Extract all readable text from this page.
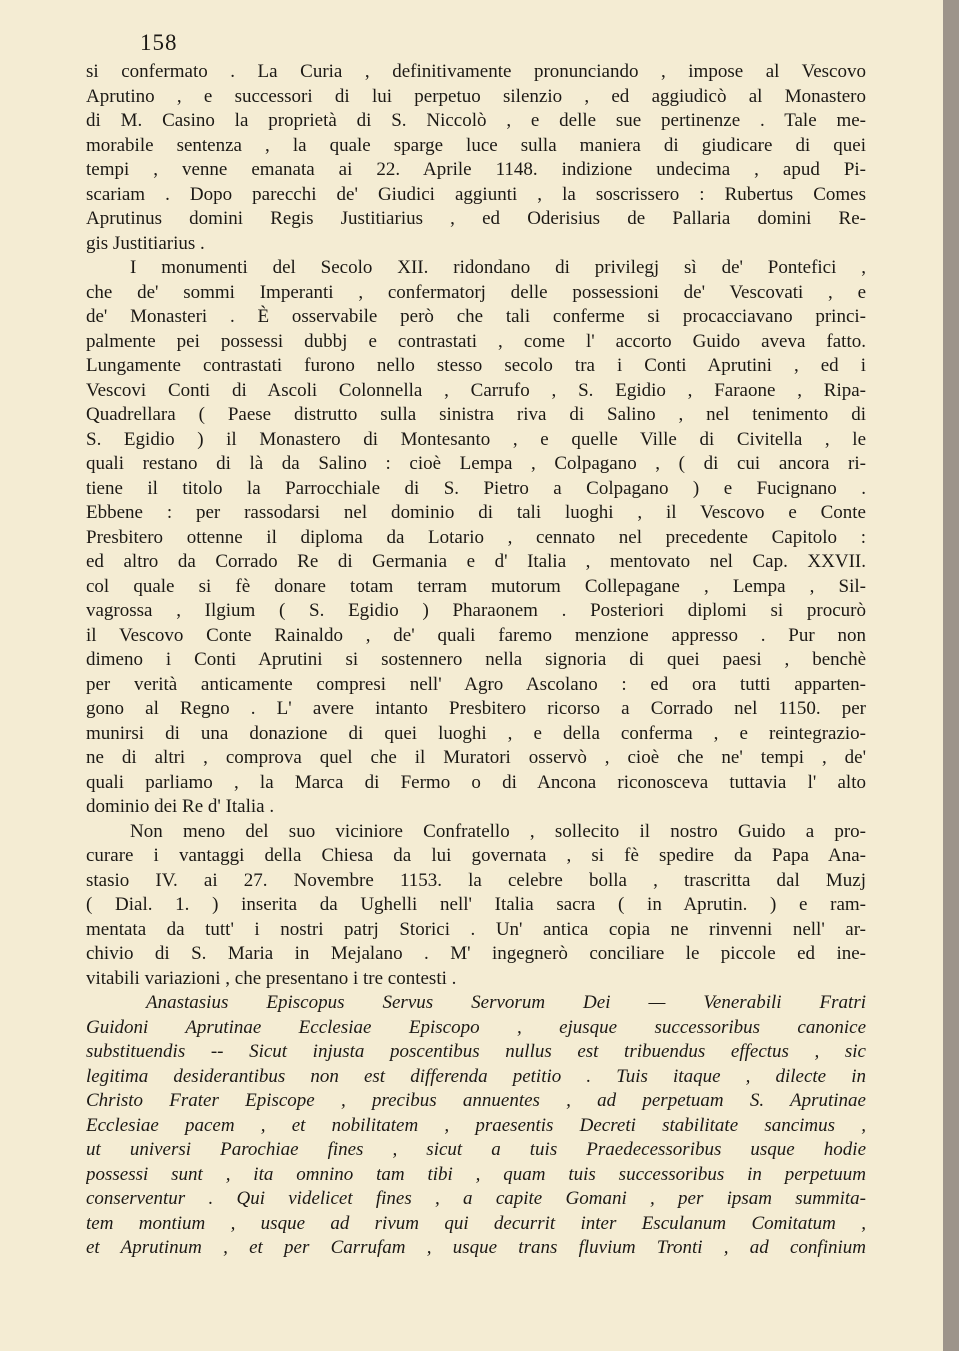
158
si confermato . La Curia , definitivamente pronunciando , impose al Vescovo
Aprutino , e successori di lui perpetuo silenzio , ed aggiudicò al Monastero
di M. Casino la proprietà di S. Niccolò , e delle sue pertinenze . Tale me-
morabile sentenza , la quale sparge luce sulla maniera di giudicare di quei
tempi , venne emanata ai 22. Aprile 1148. indizione undecima , apud Pi-
scariam . Dopo parecchi de' Giudici aggiunti , la soscrissero : Rubertus Comes
Aprutinus domini Regis Justitiarius , ed Oderisius de Pallaria domini Re-
gis Justitiarius .
I monumenti del Secolo XII. ridondano di privilegj sì de' Pontefici ,
che de' sommi Imperanti , confermatorj delle possessioni de' Vescovati , e
de' Monasteri . È osservabile però che tali conferme si procacciavano princi-
palmente pei possessi dubbj e contrastati , come l' accorto Guido aveva fatto.
Lungamente contrastati furono nello stesso secolo tra i Conti Aprutini , ed i
Vescovi Conti di Ascoli Colonnella , Carrufo , S. Egidio , Faraone , Ripa-
Quadrellara ( Paese distrutto sulla sinistra riva di Salino , nel tenimento di
S. Egidio ) il Monastero di Montesanto , e quelle Ville di Civitella , le
quali restano di là da Salino : cioè Lempa , Colpagano , ( di cui ancora ri-
tiene il titolo la Parrocchiale di S. Pietro a Colpagano ) e Fucignano .
Ebbene : per rassodarsi nel dominio di tali luoghi , il Vescovo e Conte
Presbitero ottenne il diploma da Lotario , cennato nel precedente Capitolo :
ed altro da Corrado Re di Germania e d' Italia , mentovato nel Cap. XXVII.
col quale si fè donare totam terram mutorum Collepagane , Lempa , Sil-
vagrossa , Ilgium ( S. Egidio ) Pharaonem . Posteriori diplomi si procurò
il Vescovo Conte Rainaldo , de' quali faremo menzione appresso . Pur non
dimeno i Conti Aprutini si sostennero nella signoria di quei paesi , benchè
per verità anticamente compresi nell' Agro Ascolano : ed ora tutti apparten-
gono al Regno . L' avere intanto Presbitero ricorso a Corrado nel 1150. per
munirsi di una donazione di quei luoghi , e della conferma , e reintegrazio-
ne di altri , comprova quel che il Muratori osservò , cioè che ne' tempi , de'
quali parliamo , la Marca di Fermo o di Ancona riconosceva tuttavia l' alto
dominio dei Re d' Italia .
Non meno del suo viciniore Confratello , sollecito il nostro Guido a pro-
curare i vantaggi della Chiesa da lui governata , si fè spedire da Papa Ana-
stasio IV. ai 27. Novembre 1153. la celebre bolla , trascritta dal Muzj
( Dial. 1. ) inserita da Ughelli nell' Italia sacra ( in Aprutin. ) e ram-
mentata da tutt' i nostri patrj Storici . Un' antica copia ne rinvenni nell' ar-
chivio di S. Maria in Mejalano . M' ingegnerò conciliare le piccole ed ine-
vitabili variazioni , che presentano i tre contesti .
Anastasius Episcopus Servus Servorum Dei — Venerabili Fratri
Guidoni Aprutinae Ecclesiae Episcopo , ejusque successoribus canonice
substituendis -- Sicut injusta poscentibus nullus est tribuendus effectus , sic
legitima desiderantibus non est differenda petitio . Tuis itaque , dilecte in
Christo Frater Episcope , precibus annuentes , ad perpetuam S. Aprutinae
Ecclesiae pacem , et nobilitatem , praesentis Decreti stabilitate sancimus ,
ut universi Parochiae fines , sicut a tuis Praedecessoribus usque hodie
possessi sunt , ita omnino tam tibi , quam tuis successoribus in perpetuum
conserventur . Qui videlicet fines , a capite Gomani , per ipsam summita-
tem montium , usque ad rivum qui decurrit inter Esculanum Comitatum ,
et Aprutinum , et per Carrufam , usque trans fluvium Tronti , ad confinium
